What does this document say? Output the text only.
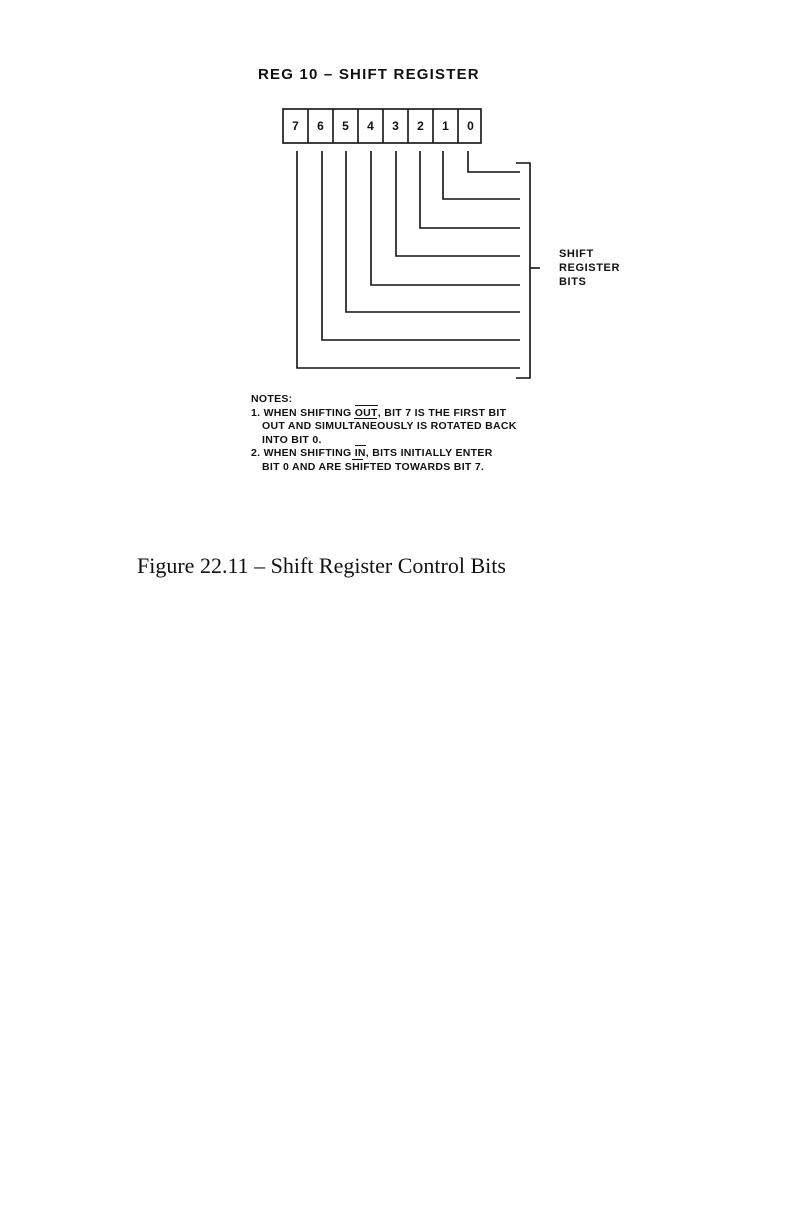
REG 10 – SHIFT REGISTER
7	6	5	4	3	2	1	0
SHIFT
REGISTER
BITS
NOTES:
1. WHEN SHIFTING OUT, BIT 7 IS THE FIRST BIT
OUT AND SIMULTANEOUSLY IS ROTATED BACK
INTO BIT 0.
2. WHEN SHIFTING IN, BITS INITIALLY ENTER
BIT 0 AND ARE SHIFTED TOWARDS BIT 7.
Figure 22.11 – Shift Register Control Bits
